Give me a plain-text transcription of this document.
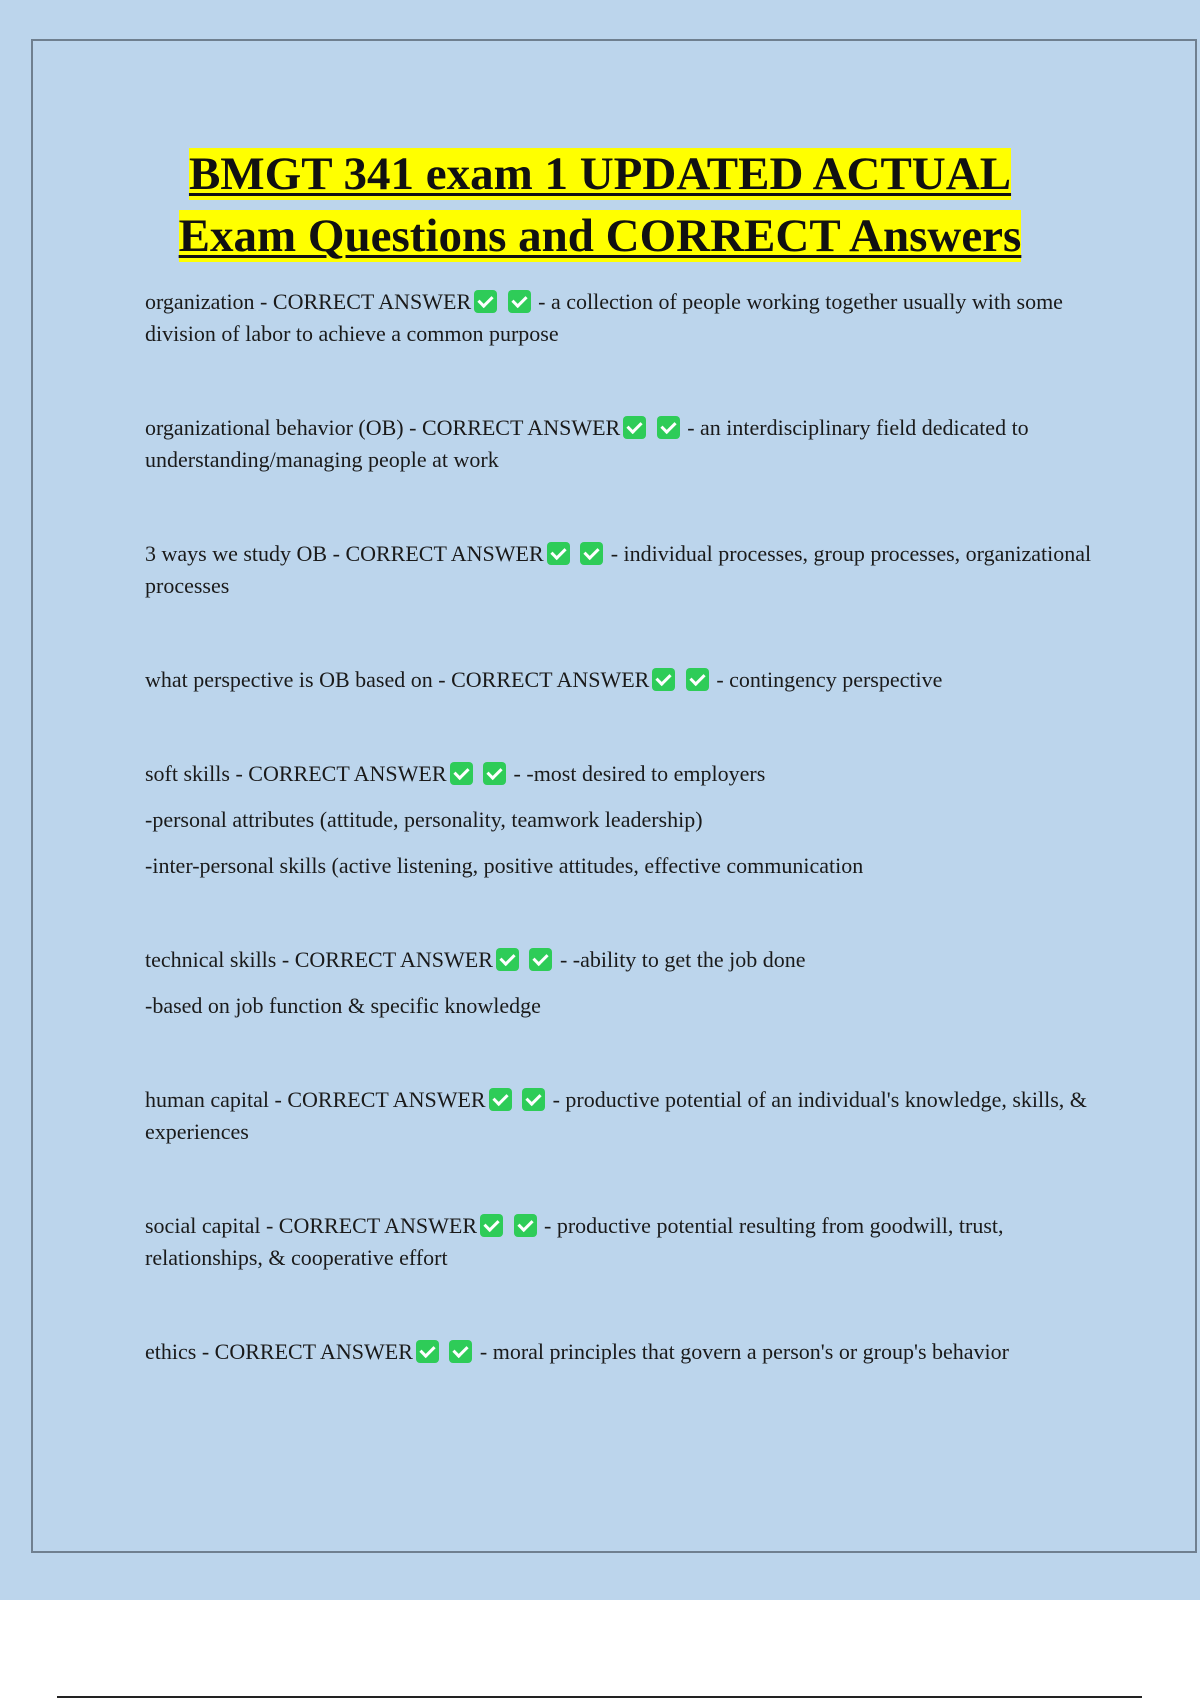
BMGT 341 exam 1 UPDATED ACTUAL
Exam Questions and CORRECT Answers
organization - CORRECT ANSWER	- a collection of people working together usually with some division of labor to achieve a common purpose
organizational behavior (OB) - CORRECT ANSWER	- an interdisciplinary field dedicated to understanding/managing people at work
3 ways we study OB - CORRECT ANSWER	- individual processes, group processes, organizational processes
what perspective is OB based on - CORRECT ANSWER	- contingency perspective
soft skills - CORRECT ANSWER	- -most desired to employers
-personal attributes (attitude, personality, teamwork leadership)
-inter-personal skills (active listening, positive attitudes, effective communication
technical skills - CORRECT ANSWER	- -ability to get the job done
-based on job function & specific knowledge
human capital - CORRECT ANSWER	- productive potential of an individual's knowledge, skills, & experiences
social capital - CORRECT ANSWER	- productive potential resulting from goodwill, trust, relationships, & cooperative effort
ethics - CORRECT ANSWER	- moral principles that govern a person's or group's behavior
